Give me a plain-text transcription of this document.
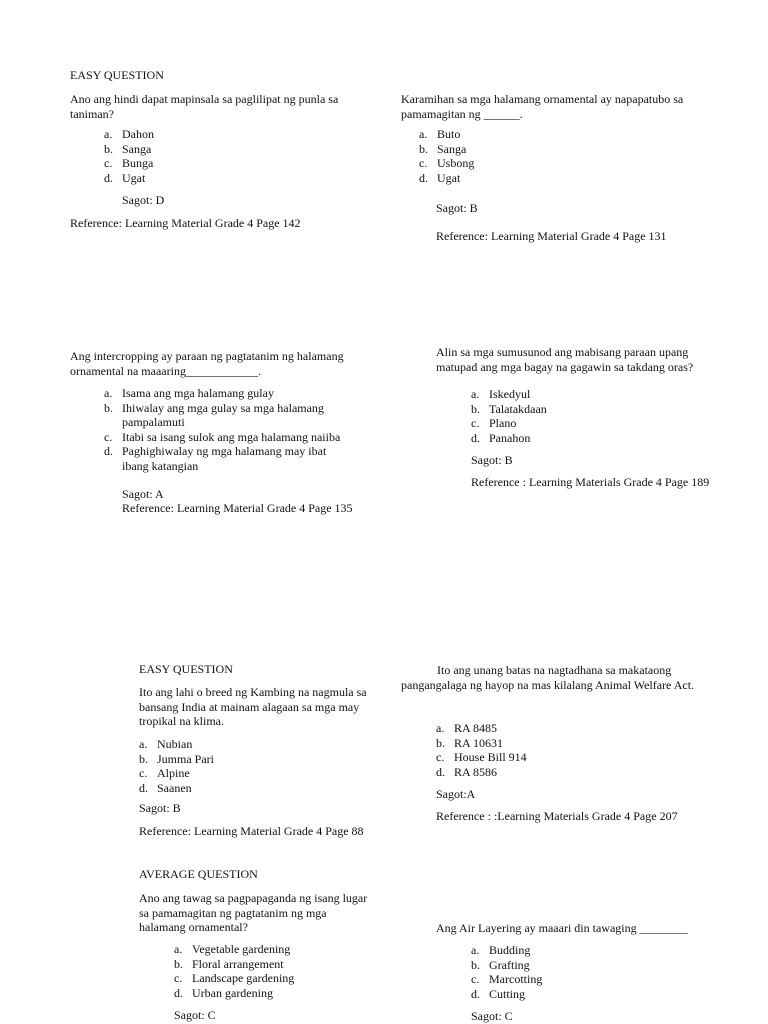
EASY QUESTION

Ano ang hindi dapat mapinsala sa paglilipat ng punla sa taniman?

a. Dahon
b. Sanga
c. Bunga
d. Ugat
Sagot: D
Reference: Learning Material Grade 4 Page 142

Karamihan sa mga halamang ornamental ay napapatubo sa pamamagitan ng ______.

a. Buto
b. Sanga
c. Usbong
d. Ugat
Sagot: B
Reference: Learning Material Grade 4 Page 131

Ang intercropping ay paraan ng pagtatanim ng halamang ornamental na maaaring____________.

a. Isama ang mga halamang gulay
b. Ihiwalay ang mga gulay sa mga halamang pampalamuti
c. Itabi sa isang sulok ang mga halamang naiiba
d. Paghighiwalay ng mga halamang may ibat ibang katangian
Sagot: A
Reference: Learning Material Grade 4 Page 135

Alin sa mga sumusunod ang mabisang paraan upang matupad ang mga bagay na gagawin sa takdang oras?

a. Iskedyul
b. Talatakdaan
c. Plano
d. Panahon
Sagot: B

Reference : Learning Materials Grade 4 Page 189

EASY QUESTION

Ito ang lahi o breed ng Kambing na nagmula sa bansang India at mainam alagaan sa mga may tropikal na klima.

a. Nubian
b. Jumma Pari
c. Alpine
d. Saanen
Sagot: B
Reference: Learning Material Grade 4 Page 88

Ito ang unang batas na nagtadhana sa makataong pangangalaga ng hayop na mas kilalang Animal Welfare Act.

a. RA 8485
b. RA 10631
c. House Bill 914
d. RA 8586
Sagot:A
Reference : :Learning Materials Grade 4 Page 207
AVERAGE QUESTION

Ano ang tawag sa pagpapaganda ng isang lugar sa pamamagitan ng pagtatanim ng mga halamang ornamental?

a. Vegetable gardening
b. Floral arrangement
c. Landscape gardening
d. Urban gardening
Sagot: C
Ang Air Layering ay maaari din tawaging ________
a. Budding
b. Grafting
c. Marcotting
d. Cutting
Sagot: C
